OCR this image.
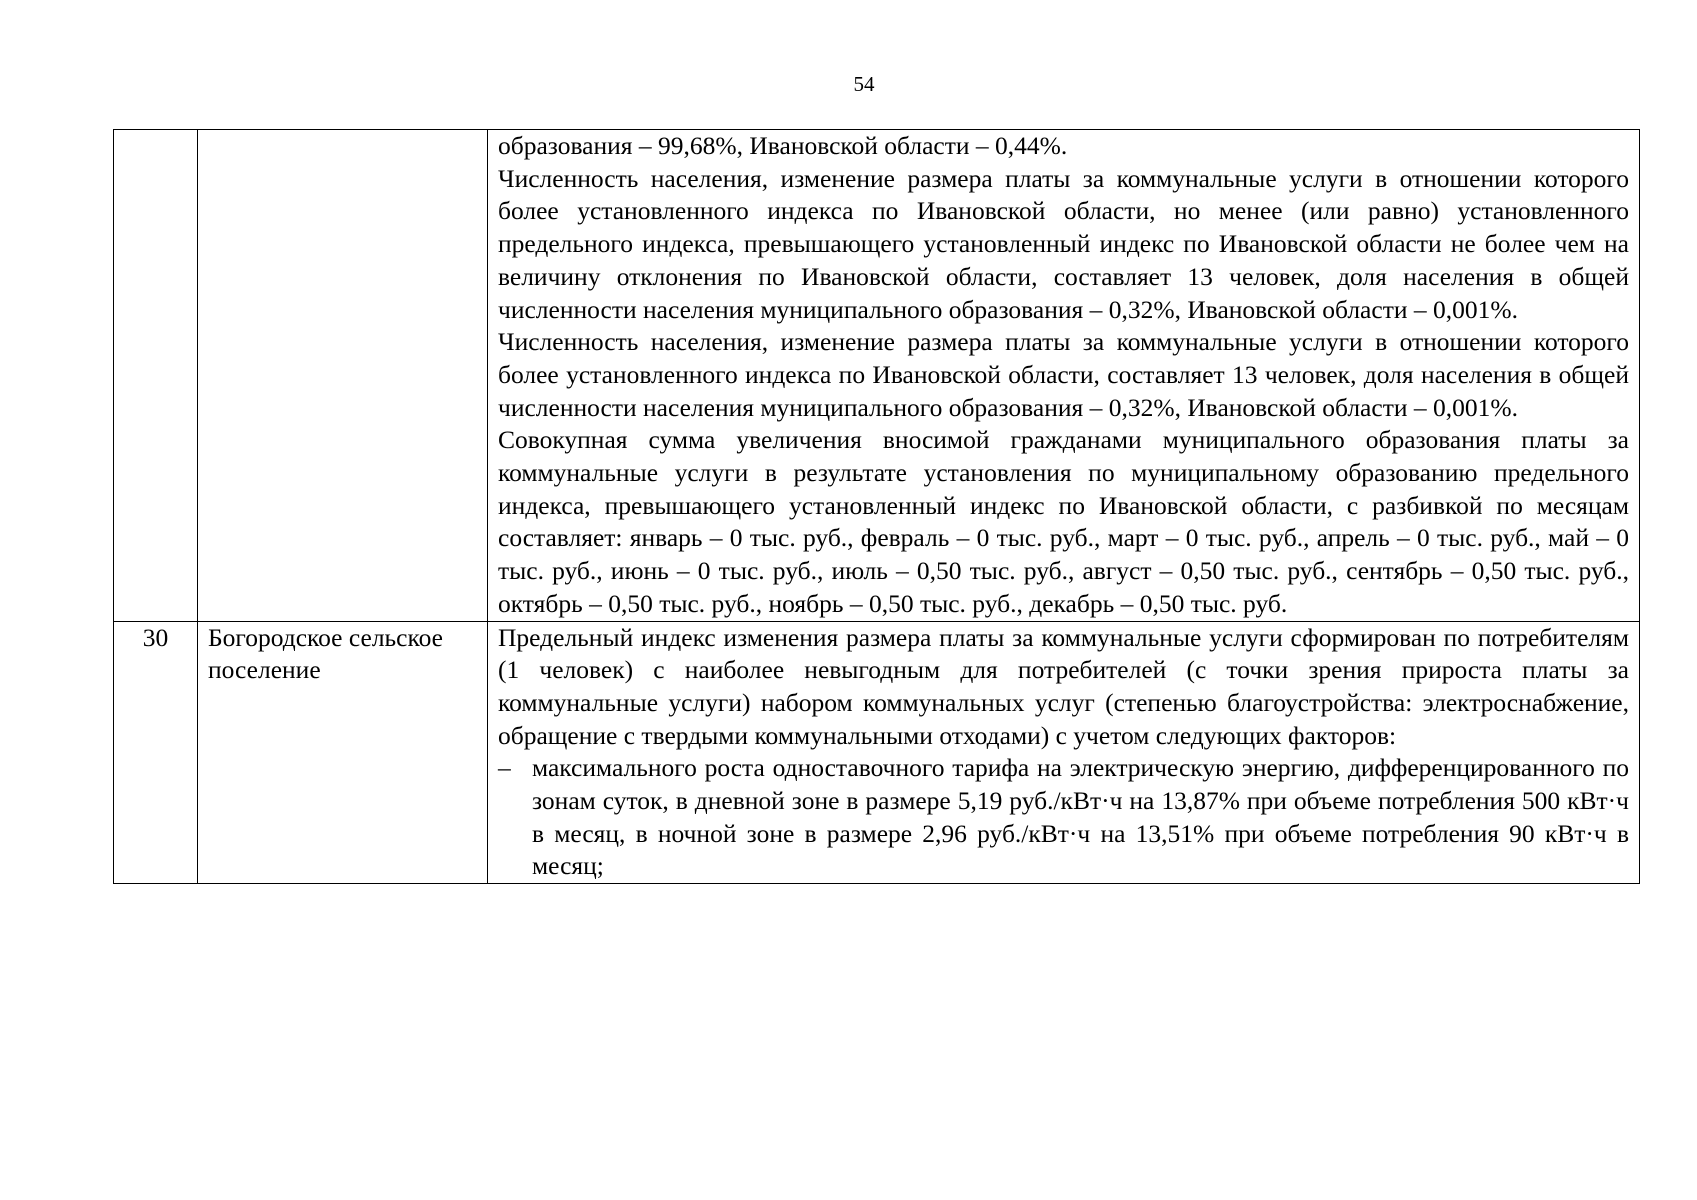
54

		образования – 99,68%, Ивановской области – 0,44%.

Численность населения, изменение размера платы за коммунальные услуги в отношении которого более установленного индекса по Ивановской области, но менее (или равно) установленного предельного индекса, превышающего установленный индекс по Ивановской области не более чем на величину отклонения по Ивановской области, составляет 13 человек, доля населения в общей численности населения муниципального образования – 0,32%, Ивановской области – 0,001%.

Численность населения, изменение размера платы за коммунальные услуги в отношении которого более установленного индекса по Ивановской области, составляет 13 человек, доля населения в общей численности населения муниципального образования – 0,32%, Ивановской области – 0,001%.

Совокупная сумма увеличения вносимой гражданами муниципального образования платы за коммунальные услуги в результате установления по муниципальному образованию предельного индекса, превышающего установленный индекс по Ивановской области, с разбивкой по месяцам составляет: январь – 0 тыс. руб., февраль – 0 тыс. руб., март – 0 тыс. руб., апрель – 0 тыс. руб., май – 0 тыс. руб., июнь – 0 тыс. руб., июль – 0,50 тыс. руб., август – 0,50 тыс. руб., сентябрь – 0,50 тыс. руб., октябрь – 0,50 тыс. руб., ноябрь – 0,50 тыс. руб., декабрь – 0,50 тыс. руб.

30	Богородское сельское поселение	Предельный индекс изменения размера платы за коммунальные услуги сформирован по потребителям (1 человек) с наиболее невыгодным для потребителей (с точки зрения прироста платы за коммунальные услуги) набором коммунальных услуг (степенью благоустройства: электроснабжение, обращение с твердыми коммунальными отходами) с учетом следующих факторов:

– максимального роста одноставочного тарифа на электрическую энергию, дифференцированного по зонам суток, в дневной зоне в размере 5,19 руб./кВт·ч на 13,87% при объеме потребления 500 кВт·ч в месяц, в ночной зоне в размере 2,96 руб./кВт·ч на 13,51% при объеме потребления 90 кВт·ч в месяц;
